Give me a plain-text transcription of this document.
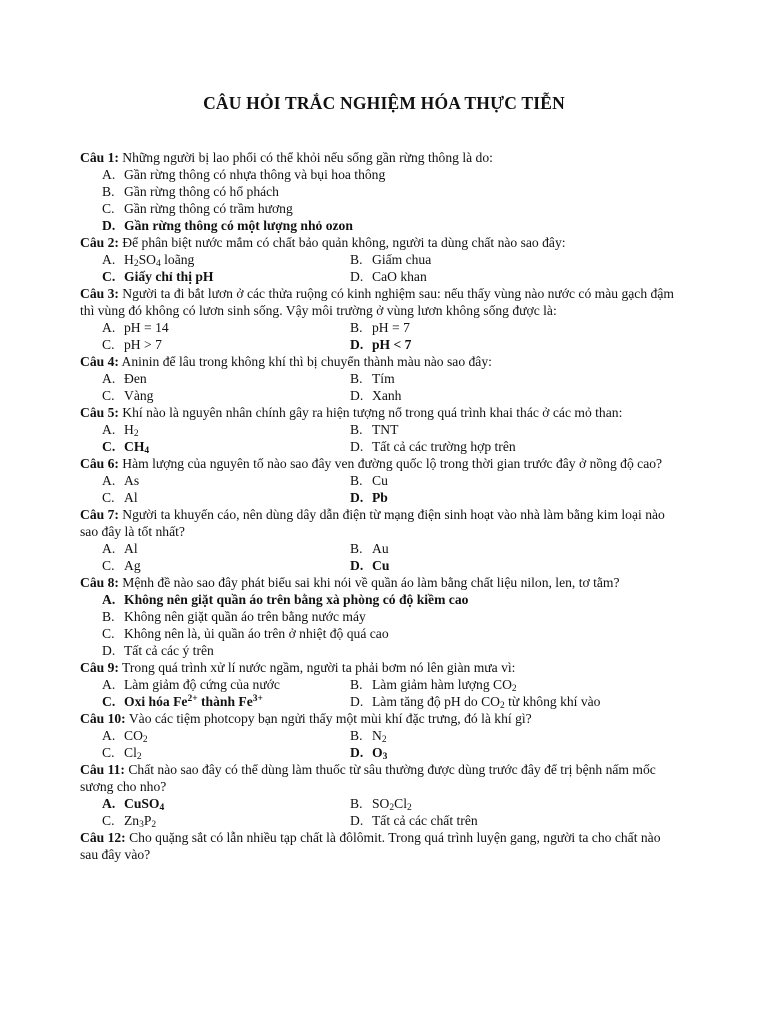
CÂU HỎI TRẮC NGHIỆM HÓA THỰC TIỄN

Câu 1: Những người bị lao phổi có thể khỏi nếu sống gần rừng thông là do:

A. Gần rừng thông có nhựa thông và bụi hoa thông
B. Gần rừng thông có hổ phách
C. Gần rừng thông có trầm hương
D. Gần rừng thông có một lượng nhỏ ozon

Câu 2: Để phân biệt nước mắm có chất bảo quản không, người ta dùng chất nào sao đây:

A. $H_2SO_4$ loãng	B. Giấm chua
C. Giấy chỉ thị pH	D. CaO khan

Câu 3: Người ta đi bắt lươn ở các thửa ruộng có kinh nghiệm sau: nếu thấy vùng nào nước có màu gạch đậm thì vùng đó không có lươn sinh sống. Vậy môi trường ở vùng lươn không sống được là:

A. pH = 14	B. pH = 7
C. pH > 7	D. pH < 7

Câu 4: Aninin để lâu trong không khí thì bị chuyển thành màu nào sao đây:

A. Đen	B. Tím
C. Vàng	D. Xanh

Câu 5: Khí nào là nguyên nhân chính gây ra hiện tượng nổ trong quá trình khai thác ở các mỏ than:

A. $H_2$	B. TNT
C. $CH_4$	D. Tất cả các trường hợp trên

Câu 6: Hàm lượng của nguyên tố nào sao đây ven đường quốc lộ trong thời gian trước đây ở nồng độ cao?

A. As	B. Cu
C. Al	D. Pb

Câu 7: Người ta khuyến cáo, nên dùng dây dẫn điện từ mạng điện sinh hoạt vào nhà làm bằng kim loại nào sao đây là tốt nhất?

A. Al	B. Au
C. Ag	D. Cu

Câu 8: Mệnh đề nào sao đây phát biểu sai khi nói về quần áo làm bằng chất liệu nilon, len, tơ tằm?

A. Không nên giặt quần áo trên bằng xà phòng có độ kiềm cao
B. Không nên giặt quần áo trên bằng nước máy
C. Không nên là, ủi quần áo trên ở nhiệt độ quá cao
D. Tất cả các ý trên

Câu 9: Trong quá trình xử lí nước ngầm, người ta phải bơm nó lên giàn mưa vì:

A. Làm giảm độ cứng của nước	B. Làm giảm hàm lượng $CO_2$
C. Oxi hóa $Fe^{2+}$ thành $Fe^{3+}$	D. Làm tăng độ pH do $CO_2$ từ không khí vào

Câu 10: Vào các tiệm photcopy bạn ngửi thấy một mùi khí đặc trưng, đó là khí gì?

A. $CO_2$	B. $N_2$
C. $Cl_2$	D. $O_3$

Câu 11: Chất nào sao đây có thể dùng làm thuốc từ sâu thường được dùng trước đây để trị bệnh nấm mốc sương cho nho?

A. CuSO$_4$	B. $SO_2Cl_2$
C. $Zn_3P_2$	D. Tất cả các chất trên

Câu 12: Cho quặng sắt có lẫn nhiều tạp chất là đôlômit. Trong quá trình luyện gang, người ta cho chất nào sau đây vào?
